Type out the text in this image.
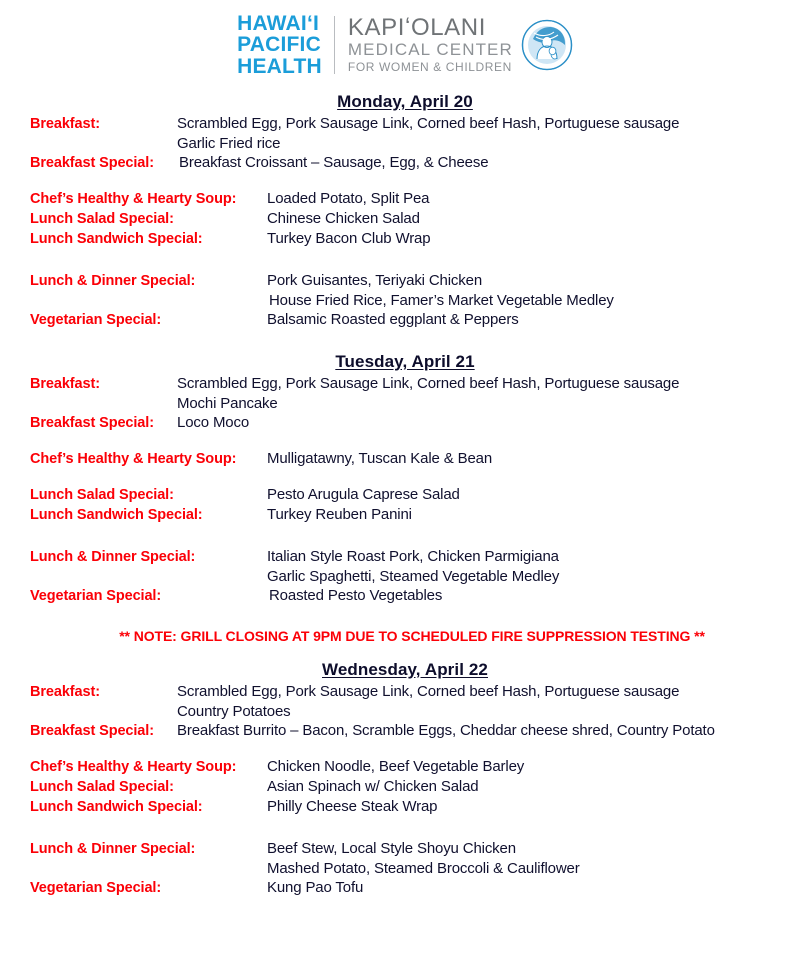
HAWAIʻI
PACIFIC
HEALTH
KAPIʻOLANI
MEDICAL CENTER
FOR WOMEN & CHILDREN
Monday, April 20
Breakfast:	Scrambled Egg, Pork Sausage Link, Corned beef Hash, Portuguese sausage
Garlic Fried rice
Breakfast Special:	Breakfast Croissant – Sausage, Egg, & Cheese
Chef’s Healthy & Hearty Soup:	Loaded Potato, Split Pea
Lunch Salad Special:	Chinese Chicken Salad
Lunch Sandwich Special:	Turkey Bacon Club Wrap
Lunch & Dinner Special:	Pork Guisantes, Teriyaki Chicken
House Fried Rice, Famer’s Market Vegetable Medley
Vegetarian Special:	Balsamic Roasted eggplant & Peppers
Tuesday, April 21
Breakfast:	Scrambled Egg, Pork Sausage Link, Corned beef Hash, Portuguese sausage
Mochi Pancake
Breakfast Special:	Loco Moco
Chef’s Healthy & Hearty Soup:	Mulligatawny, Tuscan Kale & Bean
Lunch Salad Special:	Pesto Arugula Caprese Salad
Lunch Sandwich Special:	Turkey Reuben Panini
Lunch & Dinner Special:	Italian Style Roast Pork, Chicken Parmigiana
Garlic Spaghetti, Steamed Vegetable Medley
Vegetarian Special:	Roasted Pesto Vegetables
** NOTE: GRILL CLOSING AT 9PM DUE TO SCHEDULED FIRE SUPPRESSION TESTING **
Wednesday, April 22
Breakfast:	Scrambled Egg, Pork Sausage Link, Corned beef Hash, Portuguese sausage
Country Potatoes
Breakfast Special:	Breakfast Burrito – Bacon, Scramble Eggs, Cheddar cheese shred, Country Potato
Chef’s Healthy & Hearty Soup:	Chicken Noodle, Beef Vegetable Barley
Lunch Salad Special:	Asian Spinach w/ Chicken Salad
Lunch Sandwich Special:	Philly Cheese Steak Wrap
Lunch & Dinner Special:	Beef Stew, Local Style Shoyu Chicken
Mashed Potato, Steamed Broccoli & Cauliflower
Vegetarian Special:	Kung Pao Tofu
